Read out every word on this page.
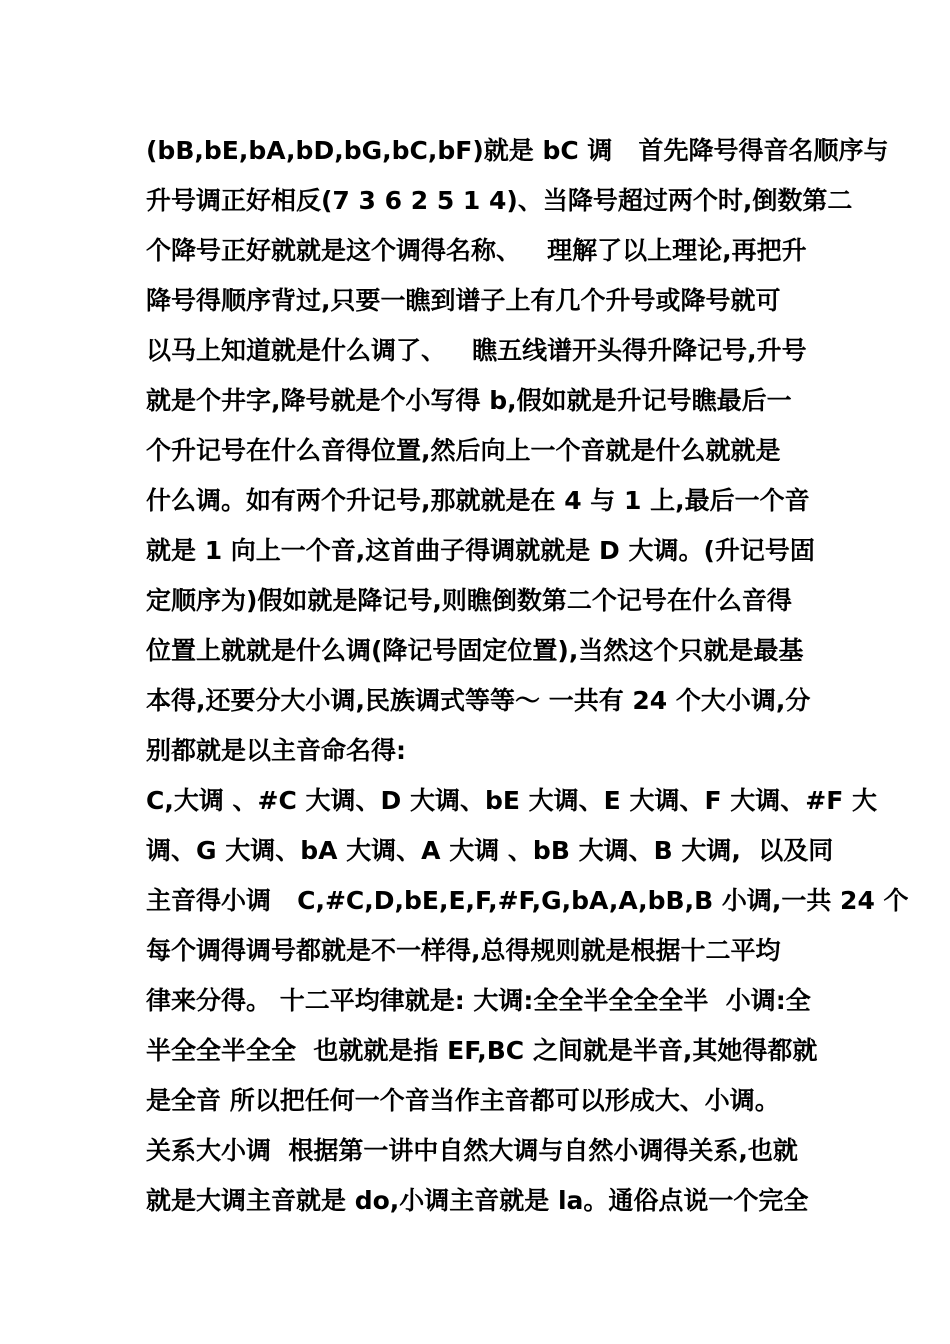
(bB,bE,bA,bD,bG,bC,bF)就是 bC 调   首先降号得音名顺序与
升号调正好相反(7 3 6 2 5 1 4)、当降号超过两个时,倒数第二
个降号正好就就是这个调得名称、   理解了以上理论,再把升
降号得顺序背过,只要一瞧到谱子上有几个升号或降号就可
以马上知道就是什么调了、   瞧五线谱开头得升降记号,升号
就是个井字,降号就是个小写得 b,假如就是升记号瞧最后一
个升记号在什么音得位置,然后向上一个音就是什么就就是
什么调。如有两个升记号,那就就是在 4 与 1 上,最后一个音
就是 1 向上一个音,这首曲子得调就就是 D 大调。(升记号固
定顺序为)假如就是降记号,则瞧倒数第二个记号在什么音得
位置上就就是什么调(降记号固定位置),当然这个只就是最基
本得,还要分大小调,民族调式等等～ 一共有 24 个大小调,分
别都就是以主音命名得:
C,大调 、#C 大调、D 大调、bE 大调、E 大调、F 大调、#F 大
调、G 大调、bA 大调、A 大调 、bB 大调、B 大调,  以及同
主音得小调   C,#C,D,bE,E,F,#F,G,bA,A,bB,B 小调,一共 24 个
每个调得调号都就是不一样得,总得规则就是根据十二平均
律来分得。 十二平均律就是: 大调:全全半全全全半  小调:全
半全全半全全  也就就是指 EF,BC 之间就是半音,其她得都就
是全音 所以把任何一个音当作主音都可以形成大、小调。
关系大小调  根据第一讲中自然大调与自然小调得关系,也就
就是大调主音就是 do,小调主音就是 la。通俗点说一个完全
